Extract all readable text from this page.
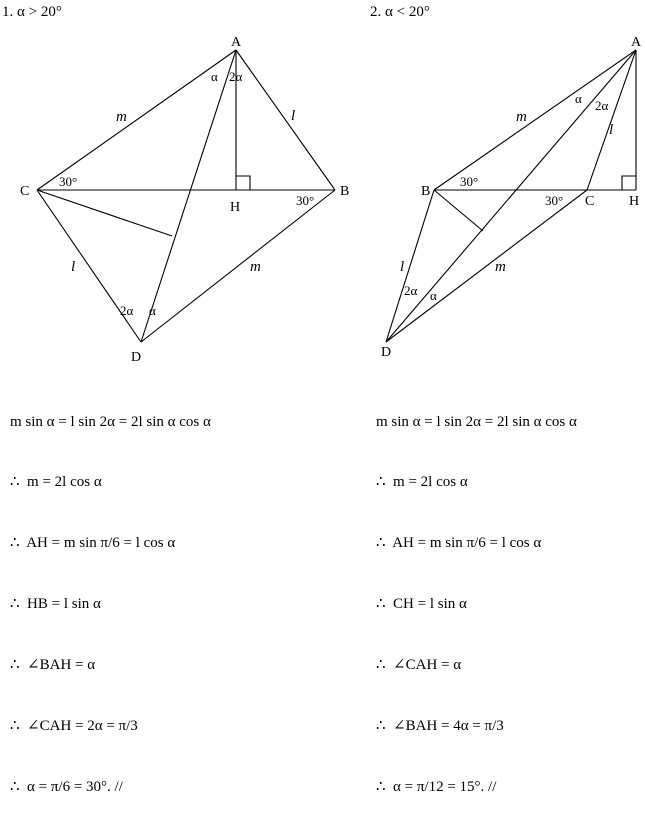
1. α > 20°
A
B
C
D
H
m	l
l	m
α 2α
30°
30°
2α α
2. α < 20°
A
B
C
D
H
m
l
l	m
α 2α
30°
30°
2α α

m sin α = l sin 2α = 2l sin α cos α

∴  m = 2l cos α

∴  AH = m sin π/6 = l cos α

∴  HB = l sin α

∴  ∠BAH = α

∴  ∠CAH = 2α = π/3

∴  α = π/6 = 30°. //

m sin α = l sin 2α = 2l sin α cos α

∴  m = 2l cos α

∴  AH = m sin π/6 = l cos α

∴  CH = l sin α

∴  ∠CAH = α

∴  ∠BAH = 4α = π/3

∴  α = π/12 = 15°. //
